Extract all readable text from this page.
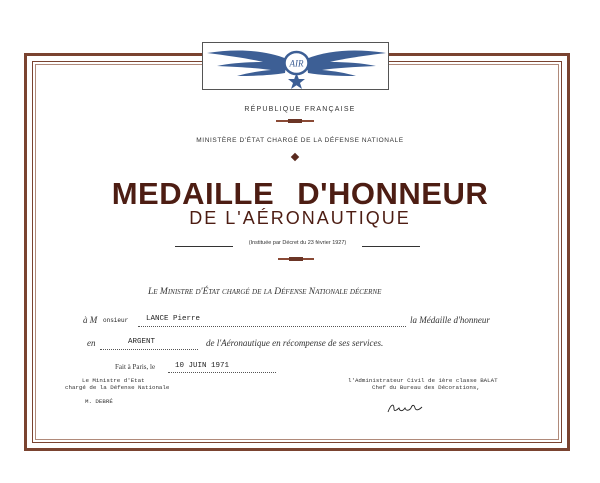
AIR
RÉPUBLIQUE FRANÇAISE
MINISTÈRE D'ÉTAT CHARGÉ DE LA DÉFENSE NATIONALE
MEDAILLE D'HONNEUR
DE L'AÉRONAUTIQUE
(Instituée par Décret du 23 février 1927)
Le Ministre d'État chargé de la Défense Nationale décerne
à M onsieur LANCE Pierre	la Médaille d'honneur
en	ARGENT	de l'Aéronautique en récompense de ses services.
Fait à Paris, le	10 JUIN 1971
Le Ministre d'Etat
chargé de la Défense Nationale
M. DEBRÉ
l'Administrateur Civil de 1ère classe BALAT
Chef du Bureau des Décorations,
